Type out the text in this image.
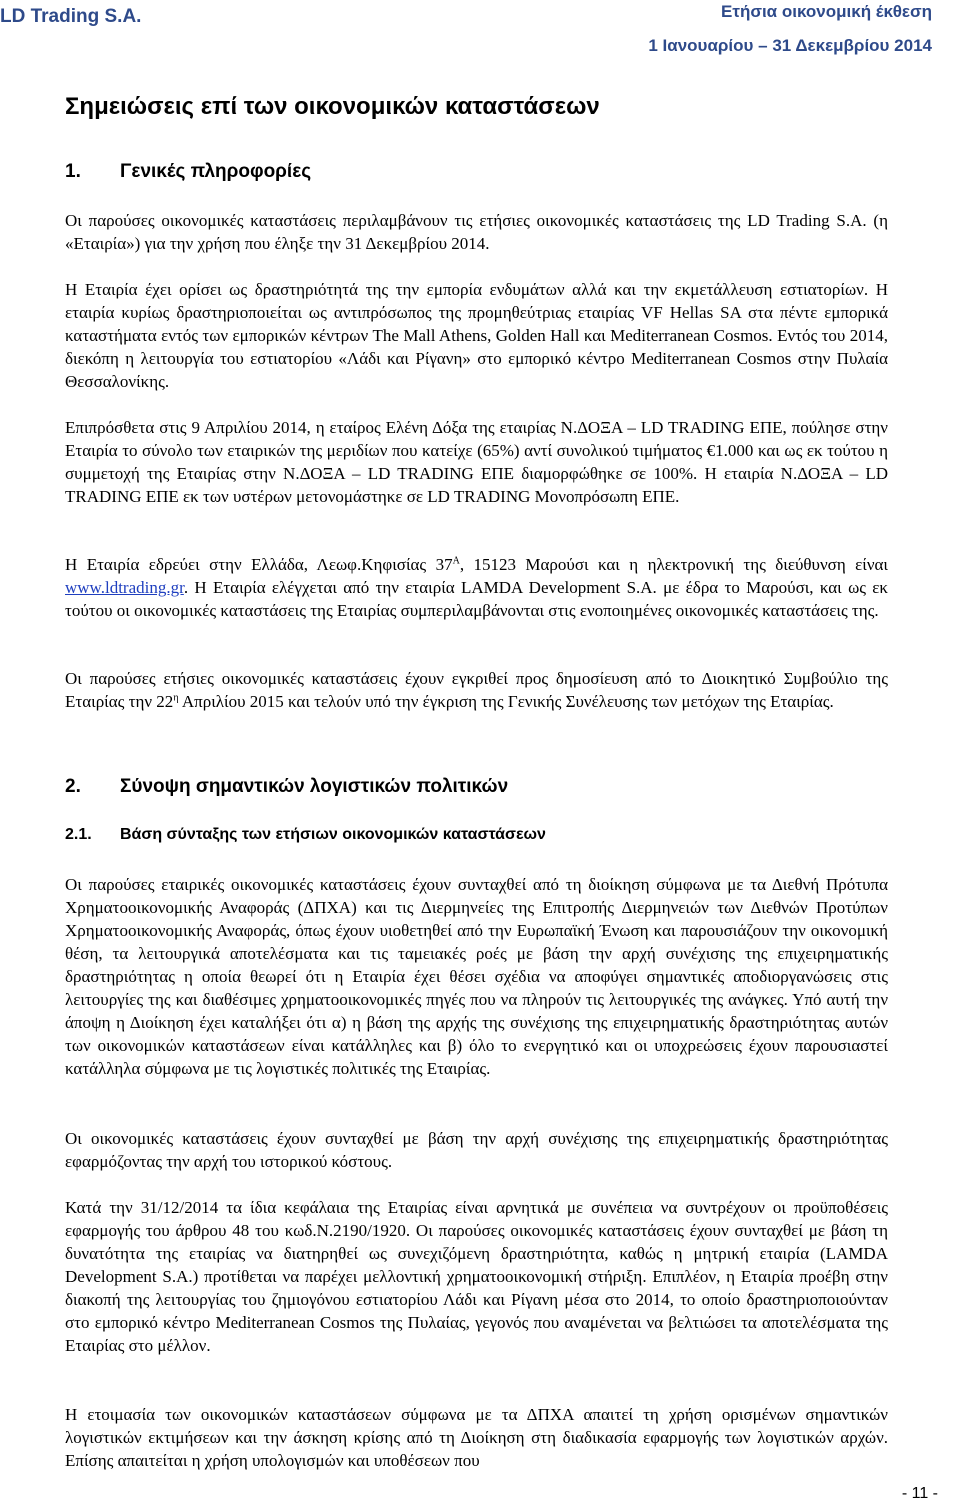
LD Trading S.A.	Ετήσια οικονομική έκθεση
1 Ιανουαρίου – 31 Δεκεμβρίου 2014
Σημειώσεις επί των οικονομικών καταστάσεων
1. Γενικές πληροφορίες

Οι παρούσες οικονομικές καταστάσεις περιλαμβάνουν τις ετήσιες οικονομικές καταστάσεις της LD Trading S.A. (η «Εταιρία») για την χρήση που έληξε την 31 Δεκεμβρίου 2014.

Η Εταιρία έχει ορίσει ως δραστηριότητά της την εμπορία ενδυμάτων αλλά και την εκμετάλλευση εστιατορίων. Η εταιρία κυρίως δραστηριοποιείται ως αντιπρόσωπος της προμηθεύτριας εταιρίας VF Hellas SA στα πέντε εμπορικά καταστήματα εντός των εμπορικών κέντρων The Mall Athens, Golden Hall και Mediterranean Cosmos. Εντός του 2014, διεκόπη η λειτουργία του εστιατορίου «Λάδι και Ρίγανη» στο εμπορικό κέντρο Mediterranean Cosmos στην Πυλαία Θεσσαλονίκης.

Επιπρόσθετα στις 9 Απριλίου 2014, η εταίρος Ελένη Δόξα της εταιρίας Ν.ΔΟΞΑ – LD TRADING ΕΠΕ, πούλησε στην Εταιρία το σύνολο των εταιρικών της μεριδίων που κατείχε (65%) αντί συνολικού τιμήματος €1.000 και ως εκ τούτου η συμμετοχή της Εταιρίας στην Ν.ΔΟΞΑ – LD TRADING ΕΠΕ διαμορφώθηκε σε 100%. Η εταιρία Ν.ΔΟΞΑ – LD TRADING ΕΠΕ εκ των υστέρων μετονομάστηκε σε LD TRADING Μονοπρόσωπη ΕΠΕ.

Η Εταιρία εδρεύει στην Ελλάδα, Λεωφ.Κηφισίας $37^A$, 15123 Μαρούσι και η ηλεκτρονική της διεύθυνση είναι www.ldtrading.gr. Η Εταιρία ελέγχεται από την εταιρία LAMDA Development S.A. με έδρα το Μαρούσι, και ως εκ τούτου οι οικονομικές καταστάσεις της Εταιρίας συμπεριλαμβάνονται στις ενοποιημένες οικονομικές καταστάσεις της.

Οι παρούσες ετήσιες οικονομικές καταστάσεις έχουν εγκριθεί προς δημοσίευση από το Διοικητικό Συμβούλιο της Εταιρίας την $22^\eta$ Απριλίου 2015 και τελούν υπό την έγκριση της Γενικής Συνέλευσης των μετόχων της Εταιρίας.

2. Σύνοψη σημαντικών λογιστικών πολιτικών
2.1. Βάση σύνταξης των ετήσιων οικονομικών καταστάσεων

Οι παρούσες εταιρικές οικονομικές καταστάσεις έχουν συνταχθεί από τη διοίκηση σύμφωνα με τα Διεθνή Πρότυπα Χρηματοοικονομικής Αναφοράς (ΔΠΧΑ) και τις Διερμηνείες της Επιτροπής Διερμηνειών των Διεθνών Προτύπων Χρηματοοικονομικής Αναφοράς, όπως έχουν υιοθετηθεί από την Ευρωπαϊκή Ένωση και παρουσιάζουν την οικονομική θέση, τα λειτουργικά αποτελέσματα και τις ταμειακές ροές με βάση την αρχή συνέχισης της επιχειρηματικής δραστηριότητας η οποία θεωρεί ότι η Εταιρία έχει θέσει σχέδια να αποφύγει σημαντικές αποδιοργανώσεις στις λειτουργίες της και διαθέσιμες χρηματοοικονομικές πηγές που να πληρούν τις λειτουργικές της ανάγκες. Υπό αυτή την άποψη η Διοίκηση έχει καταλήξει ότι α) η βάση της αρχής της συνέχισης της επιχειρηματικής δραστηριότητας αυτών των οικονομικών καταστάσεων είναι κατάλληλες και β) όλο το ενεργητικό και οι υποχρεώσεις έχουν παρουσιαστεί κατάλληλα σύμφωνα με τις λογιστικές πολιτικές της Εταιρίας.

Οι οικονομικές καταστάσεις έχουν συνταχθεί με βάση την αρχή συνέχισης της επιχειρηματικής δραστηριότητας εφαρμόζοντας την αρχή του ιστορικού κόστους.

Κατά την 31/12/2014 τα ίδια κεφάλαια της Εταιρίας είναι αρνητικά με συνέπεια να συντρέχουν οι προϋποθέσεις εφαρμογής του άρθρου 48 του κωδ.Ν.2190/1920. Οι παρούσες οικονομικές καταστάσεις έχουν συνταχθεί με βάση τη δυνατότητα της εταιρίας να διατηρηθεί ως συνεχιζόμενη δραστηριότητα, καθώς η μητρική εταιρία (LAMDA Development S.A.) προτίθεται να παρέχει μελλοντική χρηματοοικονομική στήριξη. Επιπλέον, η Εταιρία προέβη στην διακοπή της λειτουργίας του ζημιογόνου εστιατορίου Λάδι και Ρίγανη μέσα στο 2014, το οποίο δραστηριοποιούνταν στο εμπορικό κέντρο Mediterranean Cosmos της Πυλαίας, γεγονός που αναμένεται να βελτιώσει τα αποτελέσματα της Εταιρίας στο μέλλον.

Η ετοιμασία των οικονομικών καταστάσεων σύμφωνα με τα ΔΠΧΑ απαιτεί τη χρήση ορισμένων σημαντικών λογιστικών εκτιμήσεων και την άσκηση κρίσης από τη Διοίκηση στη διαδικασία εφαρμογής των λογιστικών αρχών. Επίσης απαιτείται η χρήση υπολογισμών και υποθέσεων που

- 11 -
